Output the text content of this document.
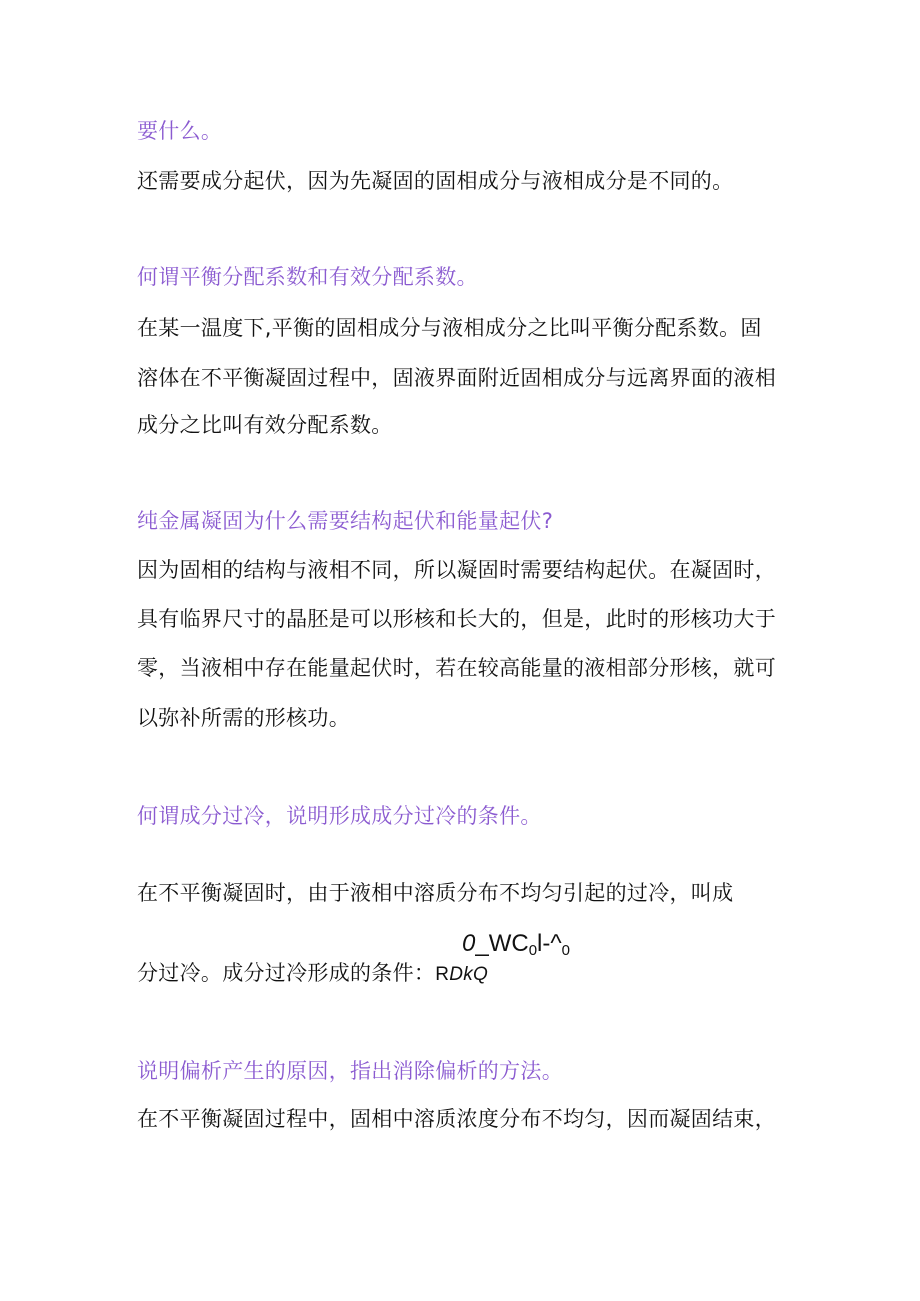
要什么。
还需要成分起伏，因为先凝固的固相成分与液相成分是不同的。
何谓平衡分配系数和有效分配系数。
在某一温度下,平衡的固相成分与液相成分之比叫平衡分配系数。固
溶体在不平衡凝固过程中，固液界面附近固相成分与远离界面的液相
成分之比叫有效分配系数。
纯金属凝固为什么需要结构起伏和能量起伏?
因为固相的结构与液相不同，所以凝固时需要结构起伏。在凝固时，
具有临界尺寸的晶胚是可以形核和长大的，但是，此时的形核功大于
零，当液相中存在能量起伏时，若在较高能量的液相部分形核，就可
以弥补所需的形核功。
何谓成分过冷，说明形成成分过冷的条件。
在不平衡凝固时，由于液相中溶质分布不均匀引起的过冷，叫成
$0\_WC_0l-\^{}_0$
分过冷。成分过冷形成的条件：RDkQ
说明偏析产生的原因，指出消除偏析的方法。
在不平衡凝固过程中，固相中溶质浓度分布不均匀，因而凝固结束，
